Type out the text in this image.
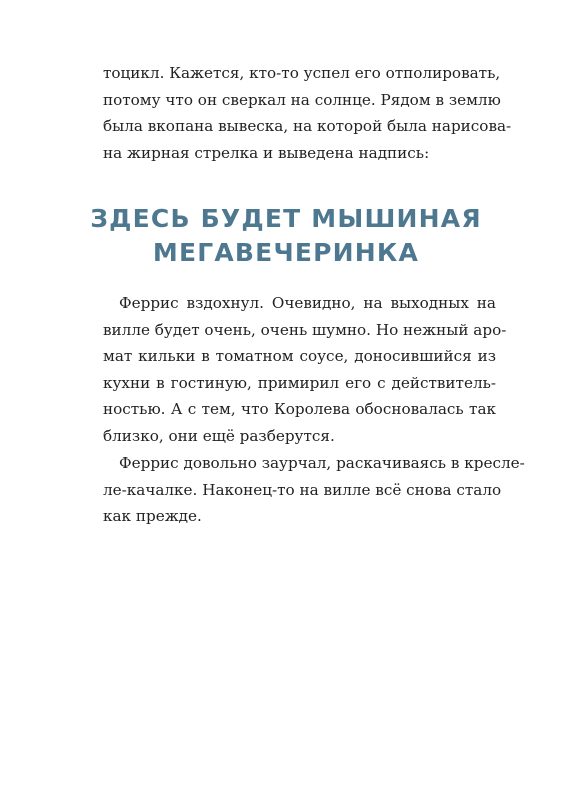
тоцикл. Кажется, кто-то успел его отполировать,
потому что он сверкал на солнце. Рядом в землю
была вкопана вывеска, на которой была нарисова-
на жирная стрелка и выведена надпись:
ЗДЕСЬ БУДЕТ МЫШИНАЯ
МЕГАВЕЧЕРИНКА
Феррис вздохнул. Очевидно, на выходных на
вилле будет очень, очень шумно. Но нежный аро-
мат кильки в томатном соусе, доносившийся из
кухни в гостиную, примирил его с действитель-
ностью. А с тем, что Королева обосновалась так
близко, они ещё разберутся.
Феррис довольно заурчал, раскачиваясь в кресле-
ле-качалке. Наконец-то на вилле всё снова стало
как прежде.
